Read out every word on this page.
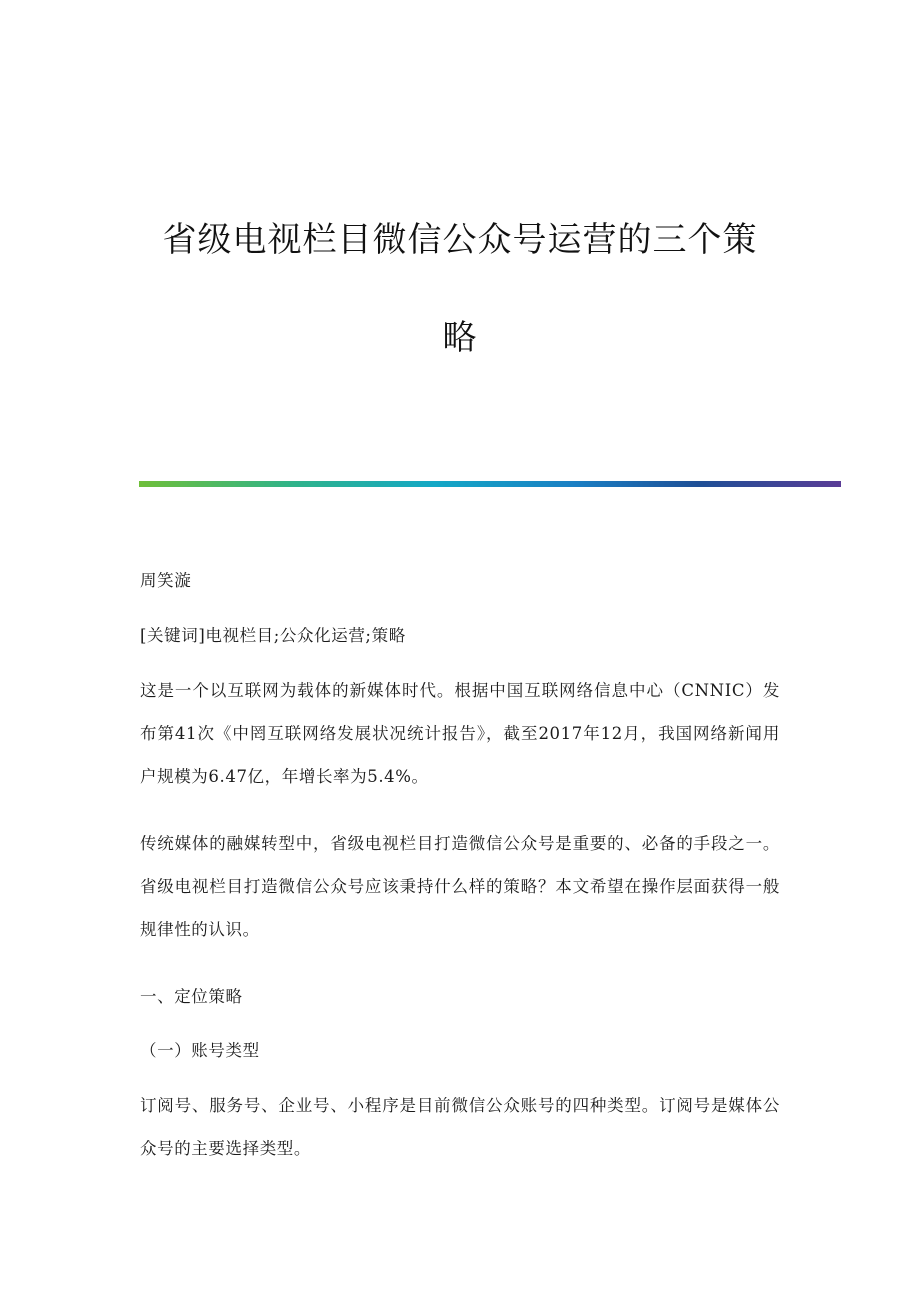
省级电视栏目微信公众号运营的三个策
略

周笑漩

[关键词]电视栏目;公众化运营;策略

这是一个以互联网为载体的新媒体时代。根据中国互联网络信息中心（CNNIC）发布第41次《中罔互联网络发展状况统计报告》，截至2017年12月，我国网络新闻用户规模为6.47亿，年增长率为5.4%。

传统媒体的融媒转型中，省级电视栏目打造微信公众号是重要的、必备的手段之一。省级电视栏目打造微信公众号应该秉持什么样的策略？本文希望在操作层面获得一般规律性的认识。

一、定位策略

（一）账号类型

订阅号、服务号、企业号、小程序是目前微信公众账号的四种类型。订阅号是媒体公众号的主要选择类型。
